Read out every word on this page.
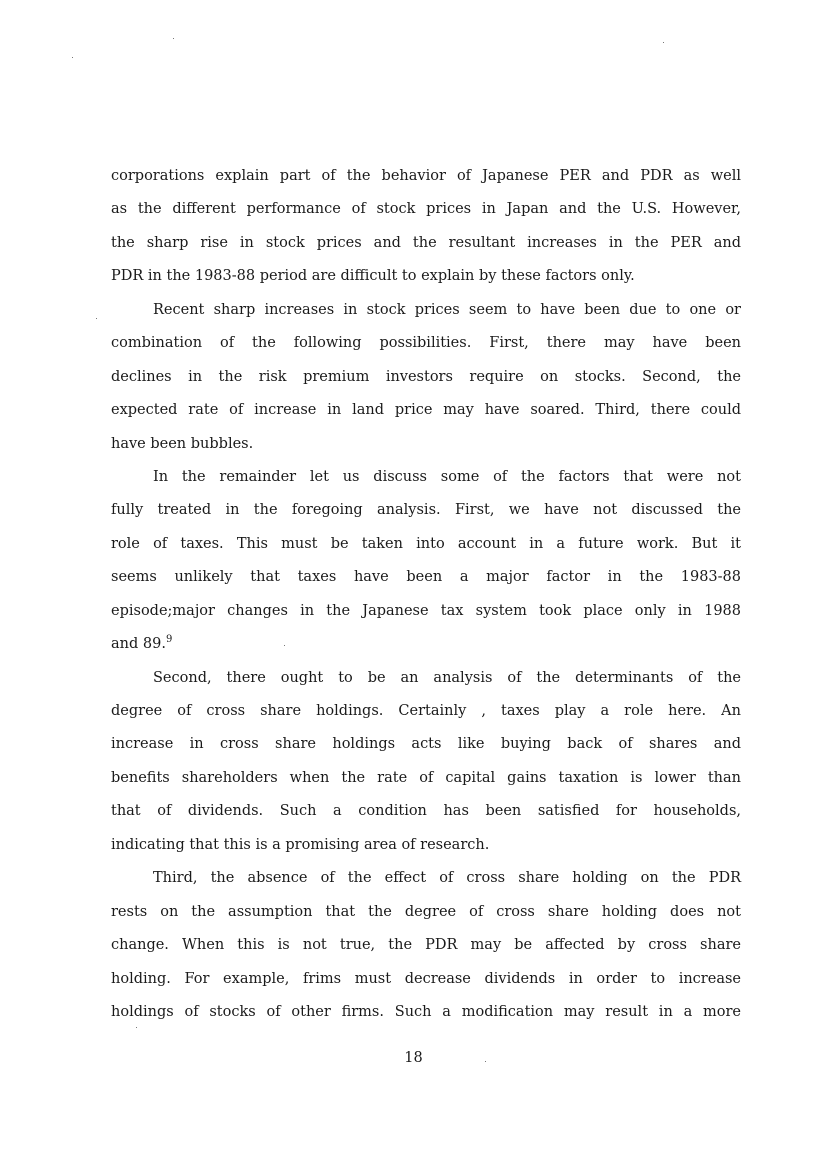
corporations explain part of the behavior of Japanese PER and PDR as well
as the different performance of stock prices in Japan and the U.S. However,
the sharp rise in stock prices and the resultant increases in the PER and
PDR in the 1983-88 period are difficult to explain by these factors only.
Recent sharp increases in stock prices seem to have been due to one or
combination of the following possibilities. First, there may have been
declines in the risk premium investors require on stocks. Second, the
expected rate of increase in land price may have soared. Third, there could
have been bubbles.
In the remainder let us discuss some of the factors that were not
fully treated in the foregoing analysis. First, we have not discussed the
role of taxes. This must be taken into account in a future work. But it
seems unlikely that taxes have been a major factor in the 1983-88
episode;major changes in the Japanese tax system took place only in 1988
and 89.$^9$
Second, there ought to be an analysis of the determinants of the
degree of cross share holdings. Certainly , taxes play a role here. An
increase in cross share holdings acts like buying back of shares and
benefits shareholders when the rate of capital gains taxation is lower than
that of dividends. Such a condition has been satisfied for households,
indicating that this is a promising area of research.
Third, the absence of the effect of cross share holding on the PDR
rests on the assumption that the degree of cross share holding does not
change. When this is not true, the PDR may be affected by cross share
holding. For example, frims must decrease dividends in order to increase
holdings of stocks of other firms. Such a modification may result in a more
18
